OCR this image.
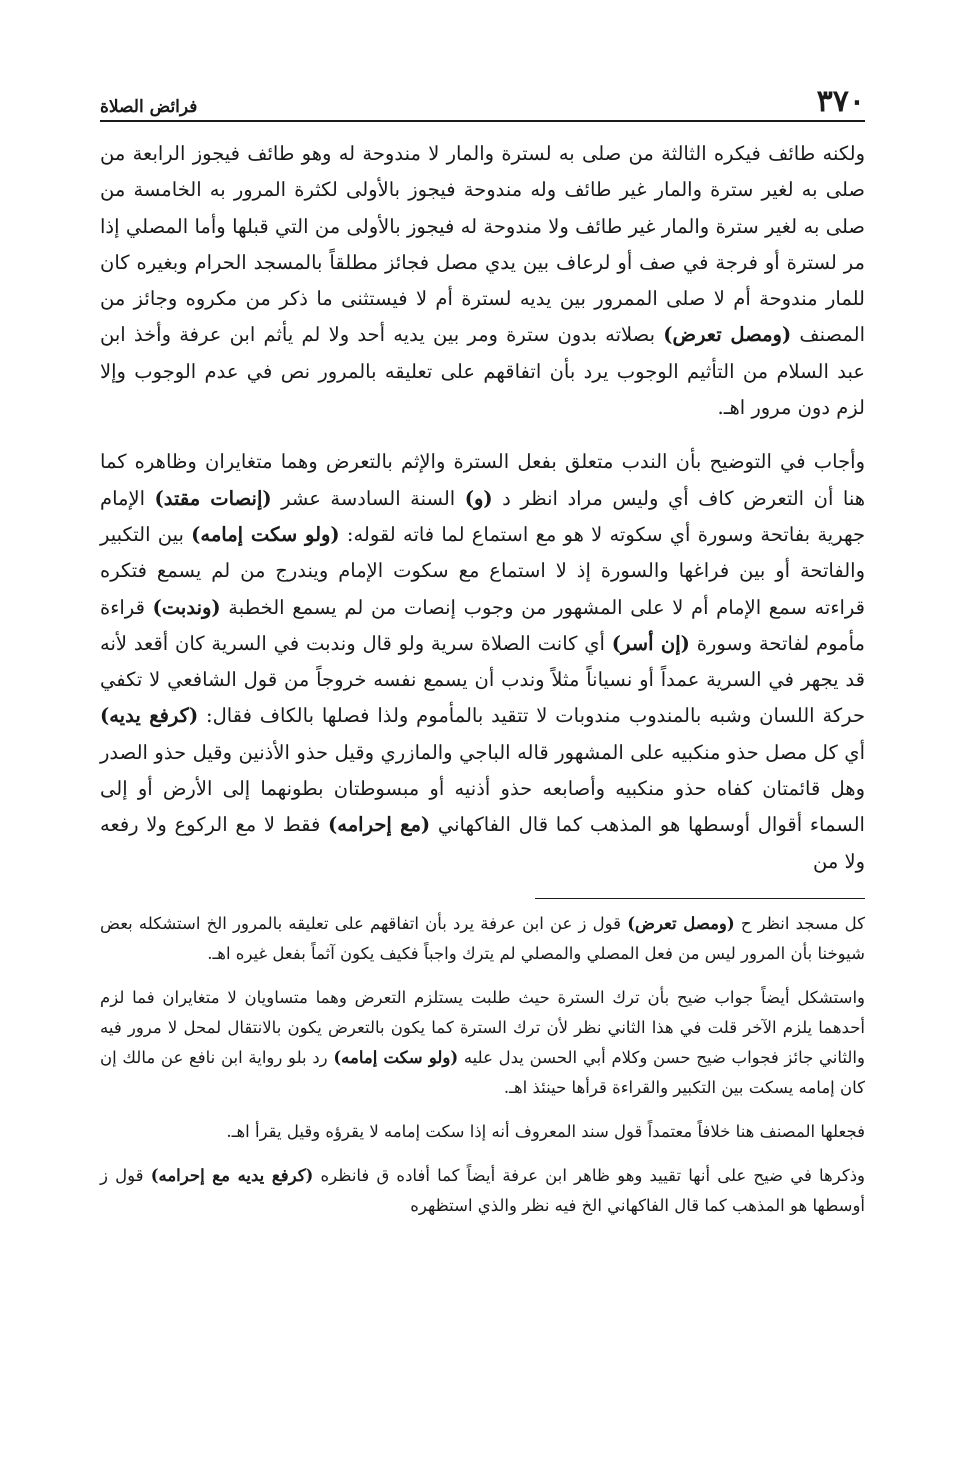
٣٧٠
فرائض الصلاة

ولكنه طائف فيكره الثالثة من صلى به لسترة والمار لا مندوحة له وهو طائف فيجوز الرابعة من صلى به لغير سترة والمار غير طائف وله مندوحة فيجوز بالأولى لكثرة المرور به الخامسة من صلى به لغير سترة والمار غير طائف ولا مندوحة له فيجوز بالأولى من التي قبلها وأما المصلي إذا مر لسترة أو فرجة في صف أو لرعاف بين يدي مصل فجائز مطلقاً بالمسجد الحرام وبغيره كان للمار مندوحة أم لا صلى الممرور بين يديه لسترة أم لا فيستثنى ما ذكر من مكروه وجائز من المصنف (ومصل تعرض) بصلاته بدون سترة ومر بين يديه أحد ولا لم يأثم ابن عرفة وأخذ ابن عبد السلام من التأثيم الوجوب يرد بأن اتفاقهم على تعليقه بالمرور نص في عدم الوجوب وإلا لزم دون مرور اهـ.

وأجاب في التوضيح بأن الندب متعلق بفعل السترة والإثم بالتعرض وهما متغايران وظاهره كما هنا أن التعرض كاف أي وليس مراد انظر د (و) السنة السادسة عشر (إنصات مقتد) الإمام جهرية بفاتحة وسورة أي سكوته لا هو مع استماع لما فاته لقوله: (ولو سكت إمامه) بين التكبير والفاتحة أو بين فراغها والسورة إذ لا استماع مع سكوت الإمام ويندرج من لم يسمع فتكره قراءته سمع الإمام أم لا على المشهور من وجوب إنصات من لم يسمع الخطبة (وندبت) قراءة مأموم لفاتحة وسورة (إن أسر) أي كانت الصلاة سرية ولو قال وندبت في السرية كان أقعد لأنه قد يجهر في السرية عمداً أو نسياناً مثلاً وندب أن يسمع نفسه خروجاً من قول الشافعي لا تكفي حركة اللسان وشبه بالمندوب مندوبات لا تتقيد بالمأموم ولذا فصلها بالكاف فقال: (كرفع يديه) أي كل مصل حذو منكبيه على المشهور قاله الباجي والمازري وقيل حذو الأذنين وقيل حذو الصدر وهل قائمتان كفاه حذو منكبيه وأصابعه حذو أذنيه أو مبسوطتان بطونهما إلى الأرض أو إلى السماء أقوال أوسطها هو المذهب كما قال الفاكهاني (مع إحرامه) فقط لا مع الركوع ولا رفعه ولا من

كل مسجد انظر ح (ومصل تعرض) قول ز عن ابن عرفة يرد بأن اتفاقهم على تعليقه بالمرور الخ استشكله بعض شيوخنا بأن المرور ليس من فعل المصلي والمصلي لم يترك واجباً فكيف يكون آثماً بفعل غيره اهـ.

واستشكل أيضاً جواب ضيح بأن ترك السترة حيث طلبت يستلزم التعرض وهما متساويان لا متغايران فما لزم أحدهما يلزم الآخر قلت في هذا الثاني نظر لأن ترك السترة كما يكون بالتعرض يكون بالانتقال لمحل لا مرور فيه والثاني جائز فجواب ضيح حسن وكلام أبي الحسن يدل عليه (ولو سكت إمامه) رد بلو رواية ابن نافع عن مالك إن كان إمامه يسكت بين التكبير والقراءة قرأها حينئذ اهـ.

فجعلها المصنف هنا خلافاً معتمداً قول سند المعروف أنه إذا سكت إمامه لا يقرؤه وقيل يقرأ اهـ.

وذكرها في ضيح على أنها تقييد وهو ظاهر ابن عرفة أيضاً كما أفاده ق فانظره (كرفع يديه مع إحرامه) قول ز أوسطها هو المذهب كما قال الفاكهاني الخ فيه نظر والذي استظهره
